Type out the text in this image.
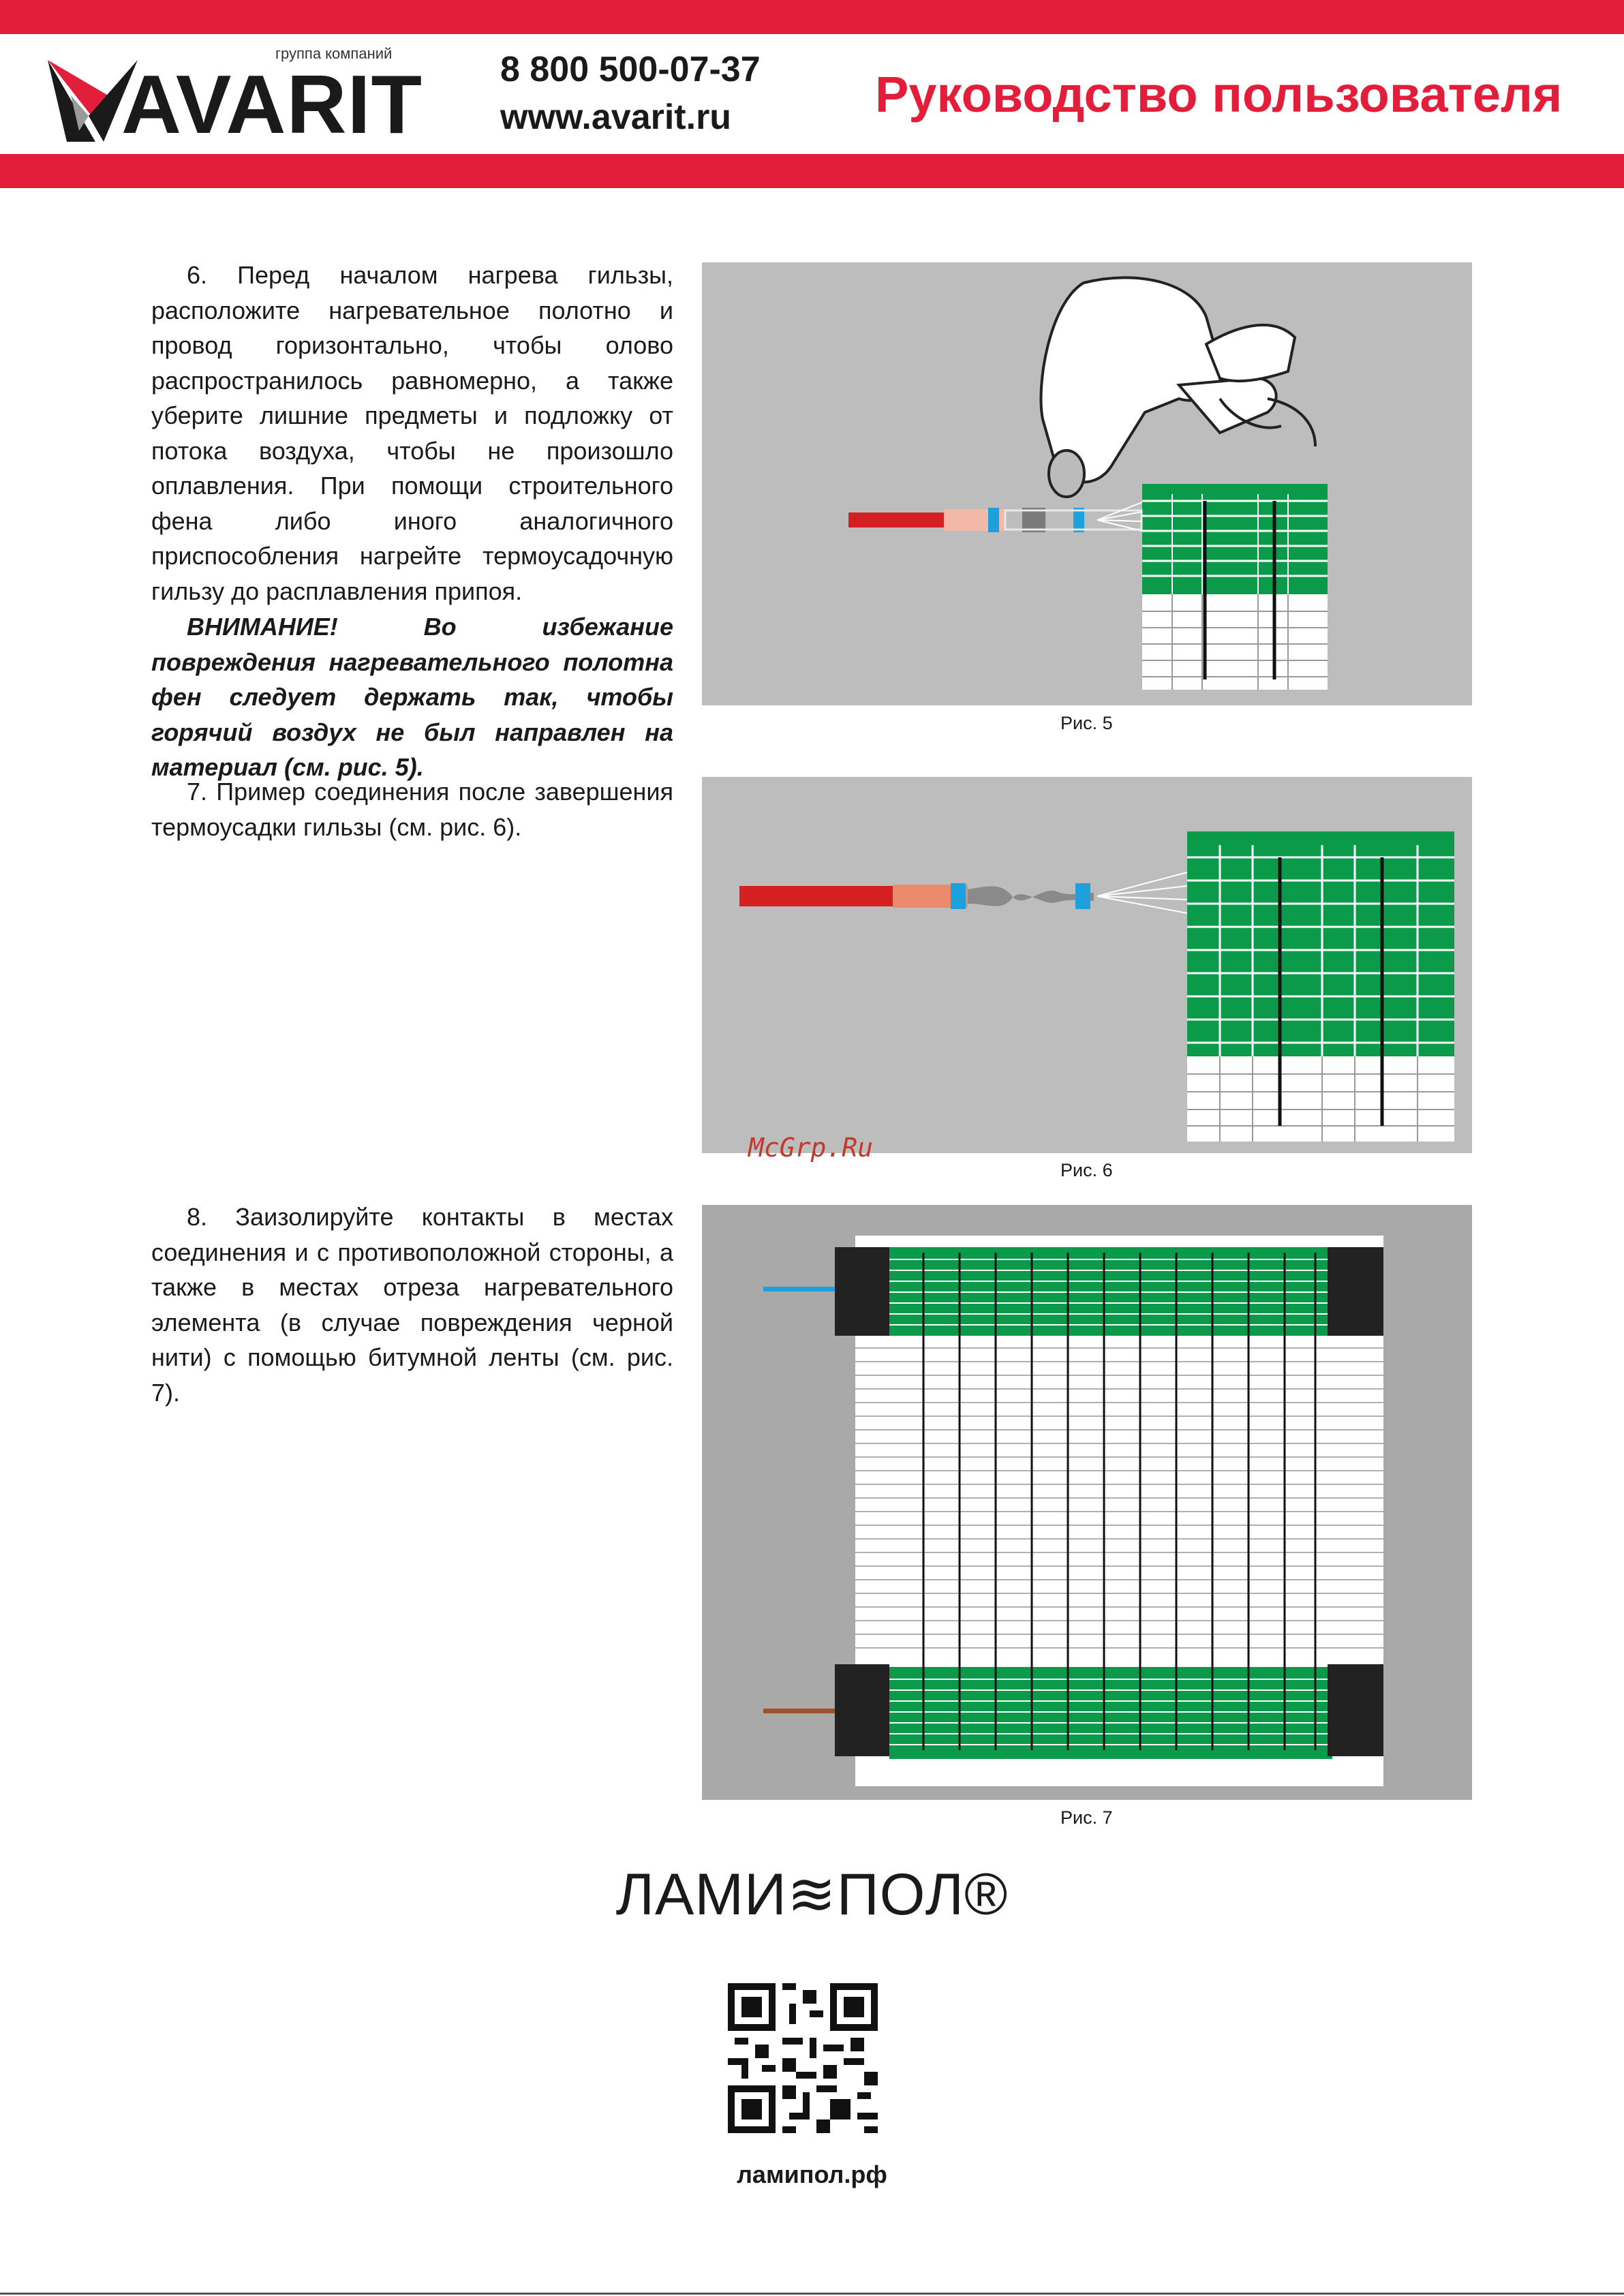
AVARIT
группа компаний	8 800 500-07-37
www.avarit.ru	Руководство пользователя
6. Перед началом нагрева гильзы, расположите нагревательное полотно и провод горизонтально, чтобы олово распространилось равномерно, а также уберите лишние предметы и подложку от потока воздуха, чтобы не произошло оплавления. При помощи строительного фена либо иного аналогичного приспособления нагрейте термоусадочную гильзу до расплавления припоя.
ВНИМАНИЕ! Во избежание повреждения нагревательного полотна фен следует держать так, чтобы горячий воздух не был направлен на материал (см. рис. 5).
Рис. 5
7. Пример соединения после завершения термоусадки гильзы (см. рис. 6).
McGrp.Ru
Рис. 6
8. Заизолируйте контакты в местах соединения и с противоположной стороны, а также в местах отреза нагревательного элемента (в случае повреждения черной нити) с помощью битумной ленты (см. рис. 7).
Рис. 7
ЛАМИ≋ПОЛ®
ламипол.рф
